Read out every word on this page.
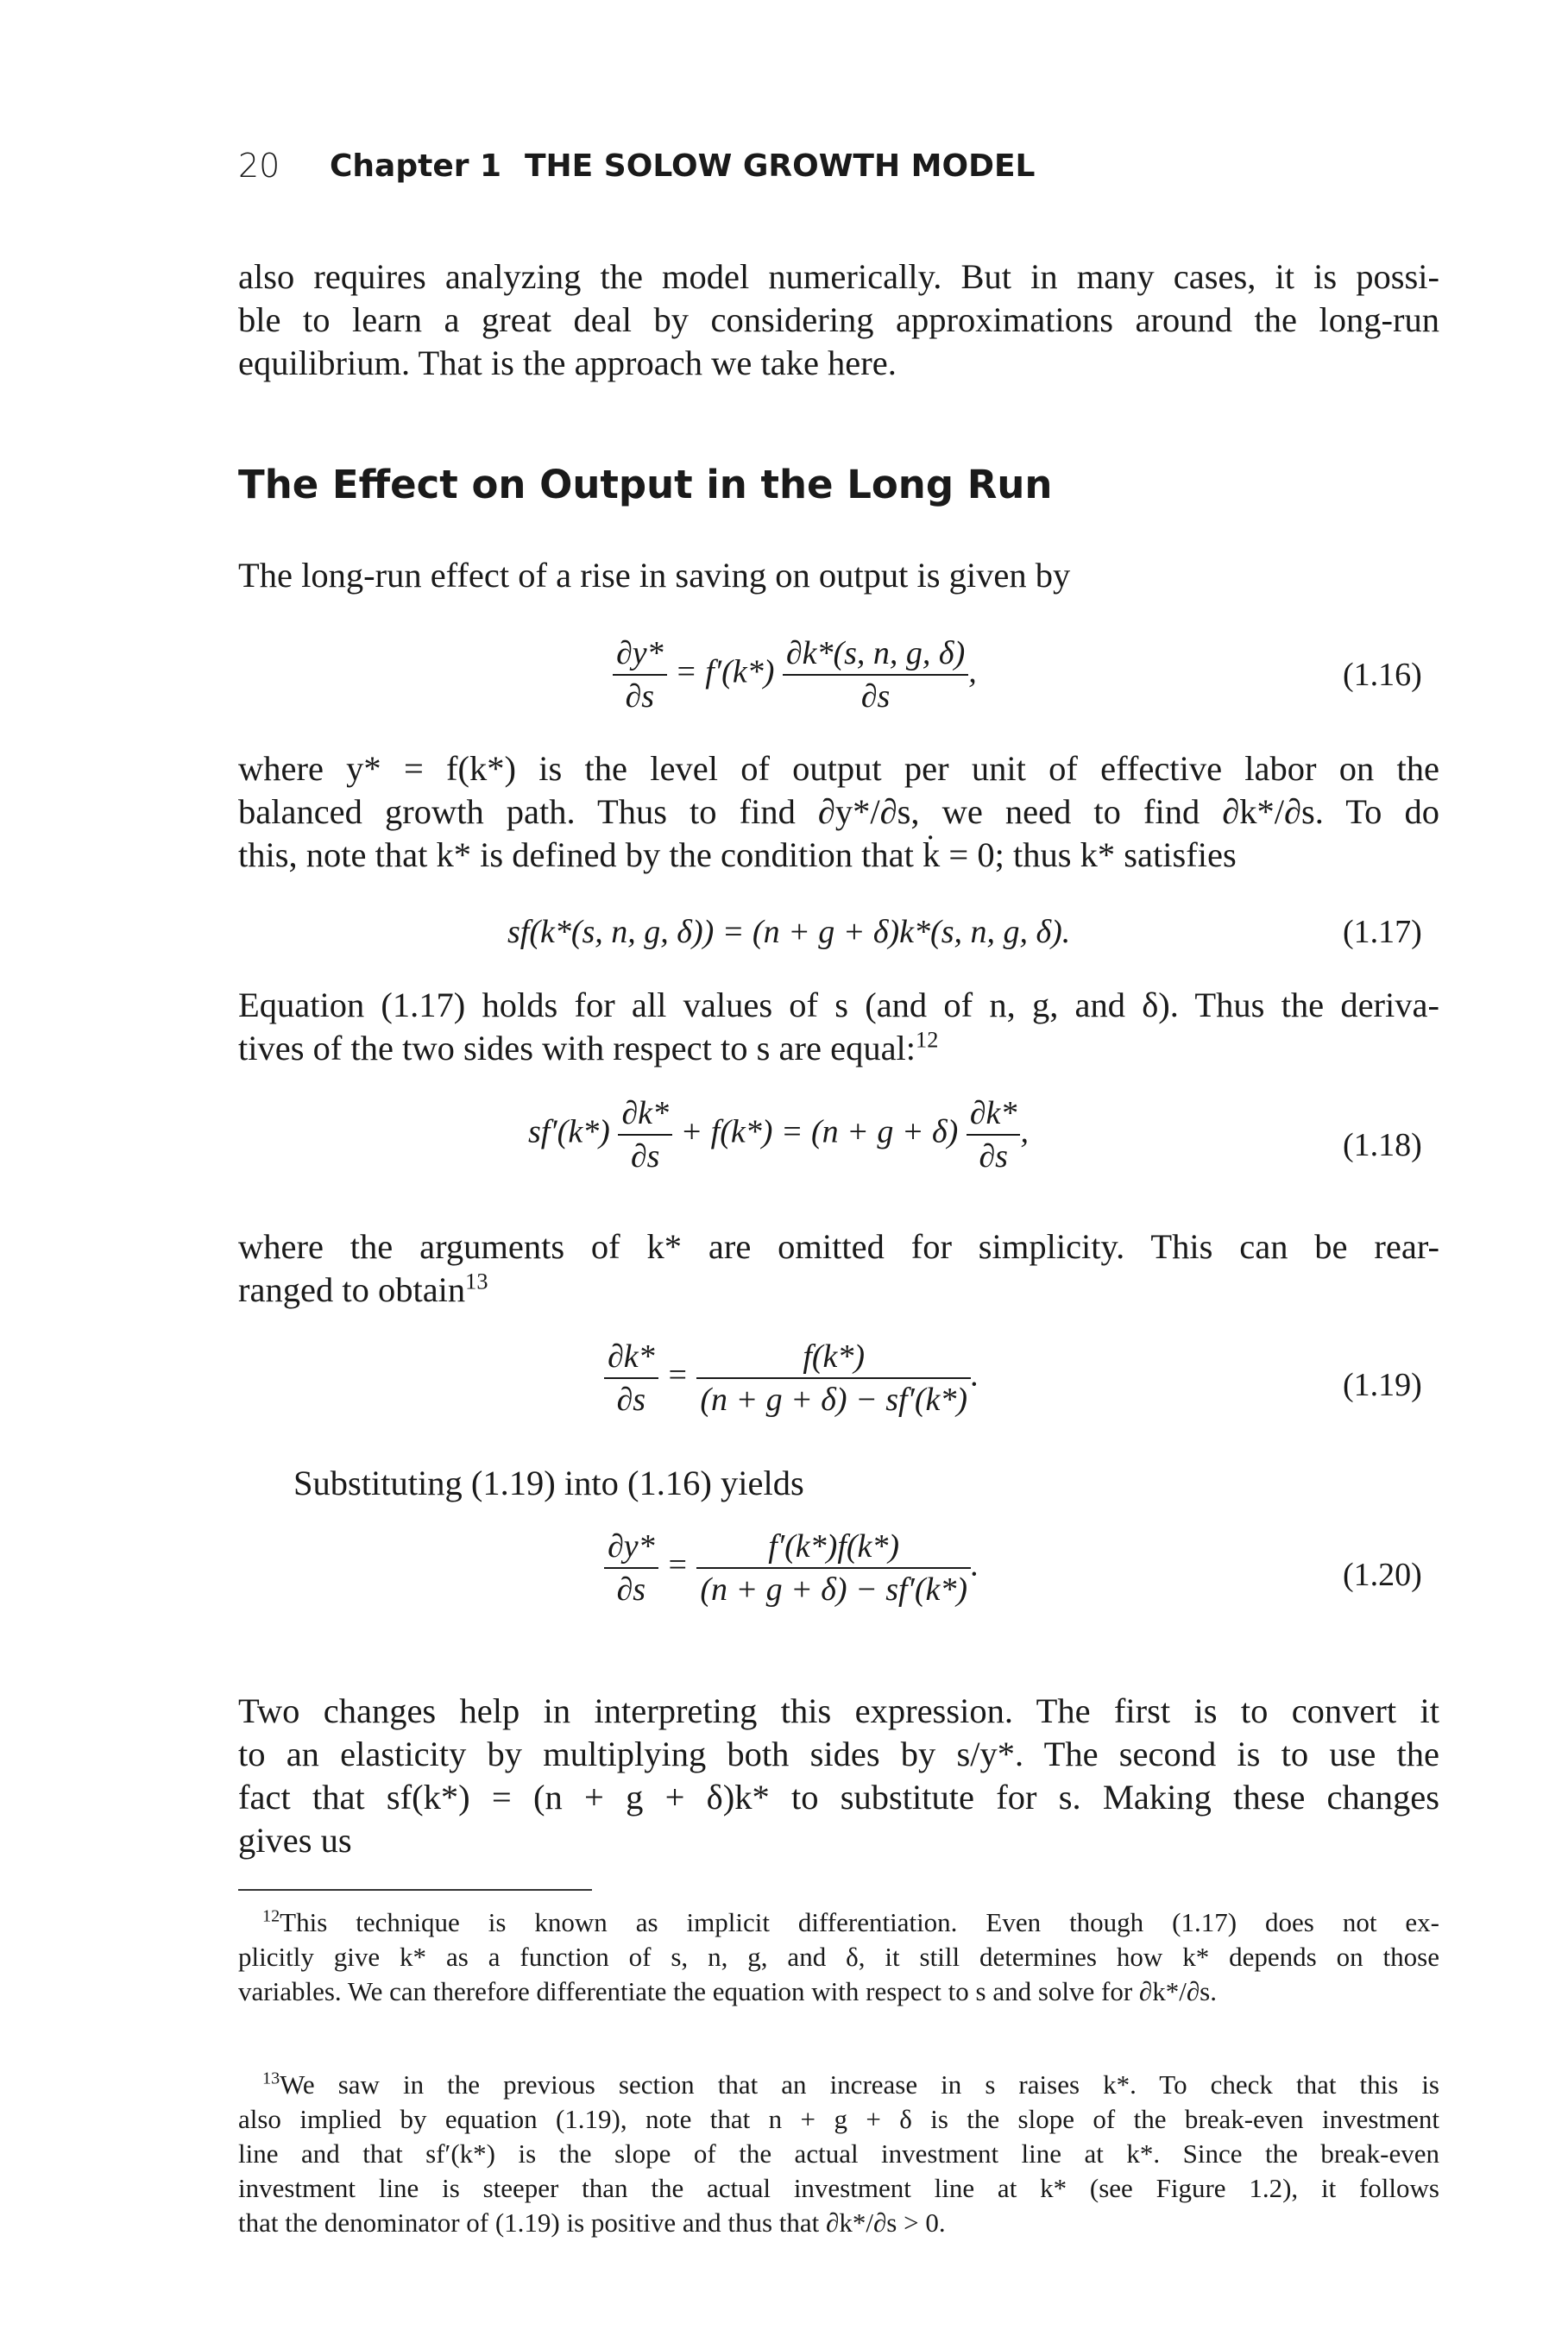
20 Chapter 1 THE SOLOW GROWTH MODEL
also requires analyzing the model numerically. But in many cases, it is possi-
ble to learn a great deal by considering approximations around the long-run
equilibrium. That is the approach we take here.
The Effect on Output in the Long Run
The long-run effect of a rise in saving on output is given by
$\frac{\partial y*}{\partial s} = f'(k*) \frac{\partial k*(s, n, g, \delta)}{\partial s}$ ,	(1.16)
where y* = f(k*) is the level of output per unit of effective labor on the
balanced growth path. Thus to find ∂y*/∂s, we need to find ∂k*/∂s. To do
this, note that k* is defined by the condition that k̇ = 0; thus k* satisfies
sf(k*(s, n, g, δ)) = (n + g + δ)k*(s, n, g, δ).	(1.17)
Equation (1.17) holds for all values of s (and of n, g, and δ). Thus the deriva-
tives of the two sides with respect to s are equal:$^{12}$
$sf'(k*) \frac{\partial k*}{\partial s} + f(k*) = (n + g + \delta) \frac{\partial k*}{\partial s}$ ,	(1.18)
where the arguments of k* are omitted for simplicity. This can be rear-
ranged to obtain$^{13}$
$\frac{\partial k*}{\partial s} = \frac{f(k*)}{(n + g + \delta) - sf'(k*)}$ .	(1.19)
Substituting (1.19) into (1.16) yields
$\frac{\partial y*}{\partial s} = \frac{f'(k*)f(k*)}{(n + g + \delta) - sf'(k*)}$ .	(1.20)
Two changes help in interpreting this expression. The first is to convert it
to an elasticity by multiplying both sides by s/y*. The second is to use the
fact that sf(k*) = (n + g + δ)k* to substitute for s. Making these changes
gives us
$^{12}$This technique is known as implicit differentiation. Even though (1.17) does not ex-
plicitly give k* as a function of s, n, g, and δ, it still determines how k* depends on those
variables. We can therefore differentiate the equation with respect to s and solve for ∂k*/∂s.
$^{13}$We saw in the previous section that an increase in s raises k*. To check that this is
also implied by equation (1.19), note that n + g + δ is the slope of the break-even investment
line and that sf′(k*) is the slope of the actual investment line at k*. Since the break-even
investment line is steeper than the actual investment line at k* (see Figure 1.2), it follows
that the denominator of (1.19) is positive and thus that ∂k*/∂s > 0.
